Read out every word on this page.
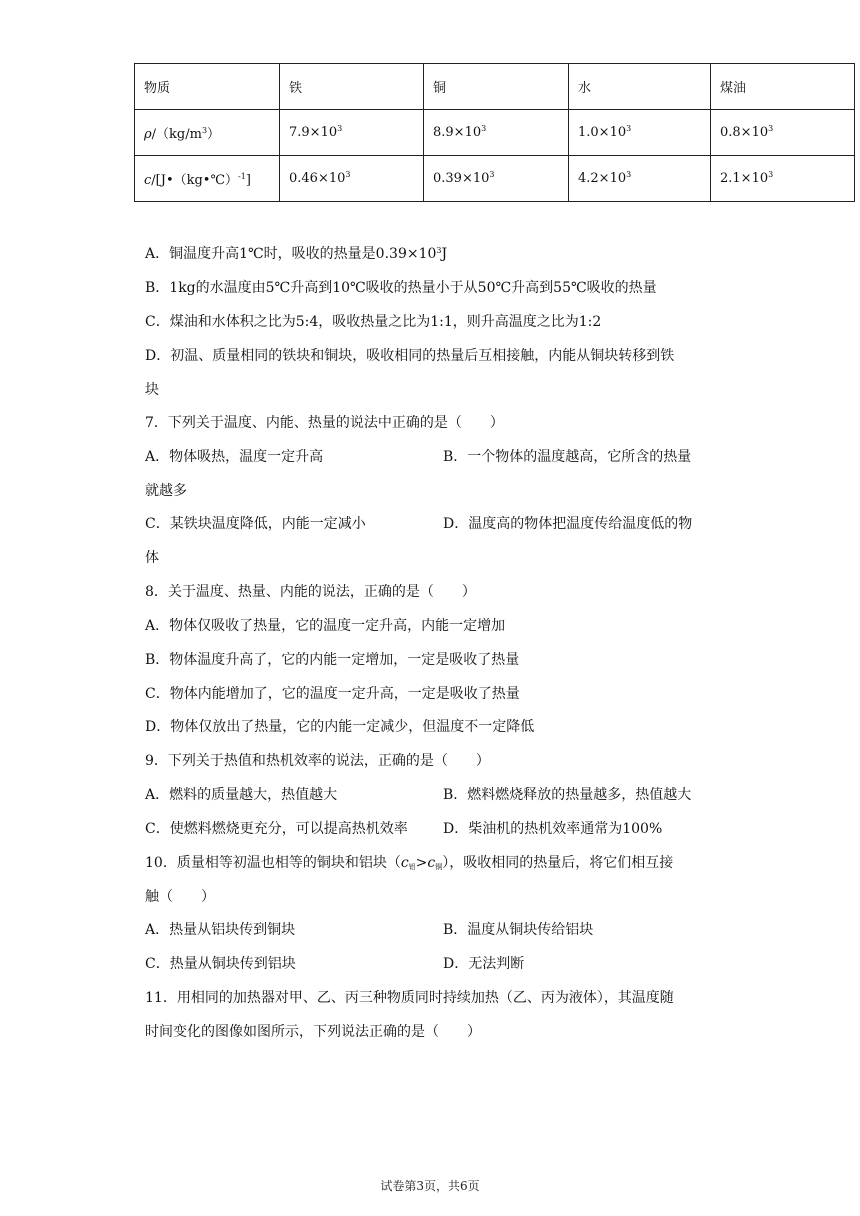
物质	铁	铜	水	煤油
$\rho/(kg/m^3)$	$7.9\times 10^3$	$8.9\times 10^3$	$1.0\times 10^3$	$0.8\times 10^3$
c/[J•（kg•℃）$^{-1}$]	$0.46\times 10^3$	$0.39\times 10^3$	$4.2\times 10^3$	$2.1\times 10^3$
A．铜温度升高1℃时，吸收的热量是$0.39\times 10^3J$
B．1kg的水温度由5℃升高到10℃吸收的热量小于从50℃升高到55℃吸收的热量
C．煤油和水体积之比为5:4，吸收热量之比为1:1，则升高温度之比为1:2
D．初温、质量相同的铁块和铜块，吸收相同的热量后互相接触，内能从铜块转移到铁
块
7．下列关于温度、内能、热量的说法中正确的是（　　）
A．物体吸热，温度一定升高	B．一个物体的温度越高，它所含的热量
就越多
C．某铁块温度降低，内能一定减小	D．温度高的物体把温度传给温度低的物
体
8．关于温度、热量、内能的说法，正确的是（　　）
A．物体仅吸收了热量，它的温度一定升高，内能一定增加
B．物体温度升高了，它的内能一定增加，一定是吸收了热量
C．物体内能增加了，它的温度一定升高，一定是吸收了热量
D．物体仅放出了热量，它的内能一定减少，但温度不一定降低
9．下列关于热值和热机效率的说法，正确的是（　　）
A．燃料的质量越大，热值越大	B．燃料燃烧释放的热量越多，热值越大
C．使燃料燃烧更充分，可以提高热机效率	D．柴油机的热机效率通常为100%
10．质量相等初温也相等的铜块和铝块$(c_铝>c_铜)$，吸收相同的热量后，将它们相互接
触（　　）
A．热量从铝块传到铜块	B．温度从铜块传给铝块
C．热量从铜块传到铝块	D．无法判断
11．用相同的加热器对甲、乙、丙三种物质同时持续加热（乙、丙为液体），其温度随
时间变化的图像如图所示，下列说法正确的是（　　）
试卷第3页，共6页
